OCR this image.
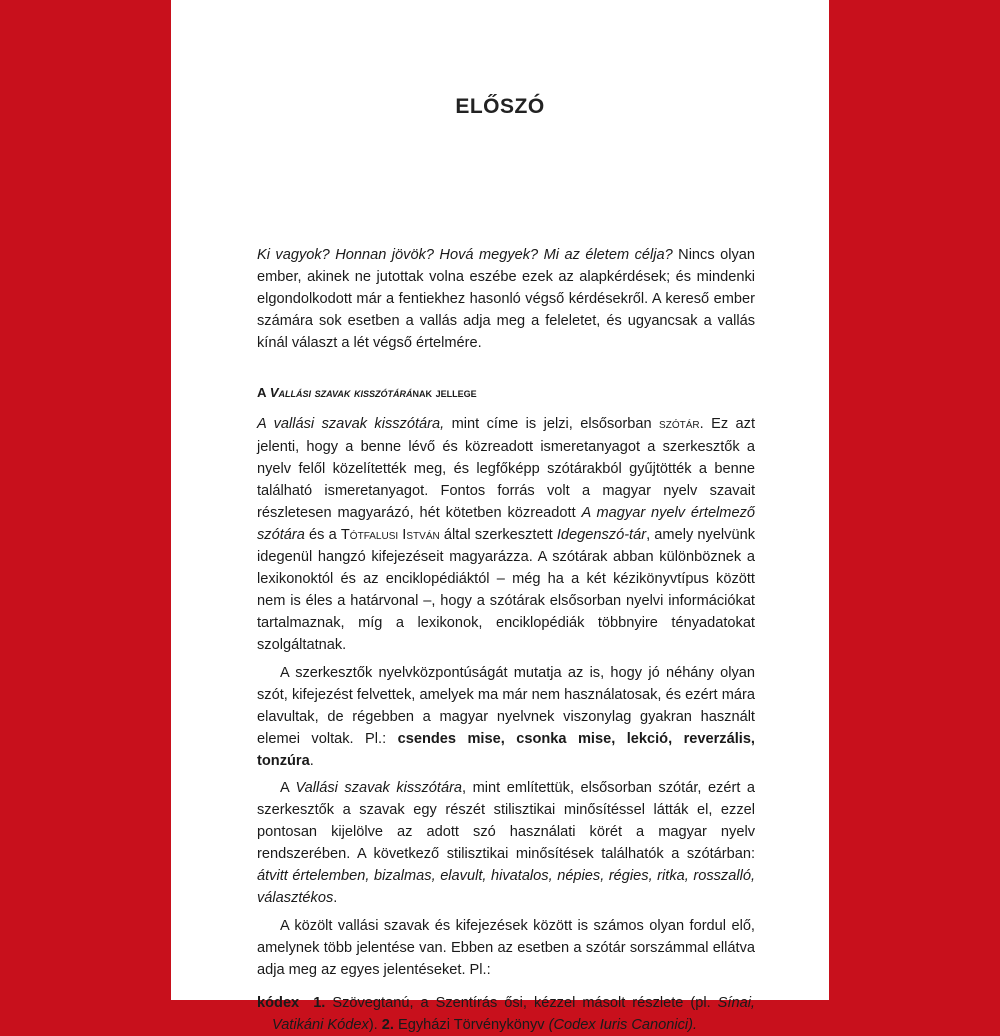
ELŐSZÓ

Ki vagyok? Honnan jövök? Hová megyek? Mi az életem célja? Nincs olyan ember, akinek ne jutottak volna eszébe ezek az alapkérdések; és mindenki elgondolkodott már a fentiekhez hasonló végső kérdésekről. A kereső ember számára sok esetben a vallás adja meg a feleletet, és ugyancsak a vallás kínál választ a lét végső értelmére.

A Vallási szavak kisszótárának jellege

A vallási szavak kisszótára, mint címe is jelzi, elsősorban szótár. Ez azt jelenti, hogy a benne lévő és közreadott ismeretanyagot a szerkesztők a nyelv felől közelítették meg, és legfőképp szótárakból gyűjtötték a benne található ismeretanyagot. Fontos forrás volt a magyar nyelv szavait részletesen magyarázó, hét kötetben közreadott A magyar nyelv értelmező szótára és a Tótfalusi István által szerkesztett Idegenszó-tár, amely nyelvünk idegenül hangzó kifejezéseit magyarázza. A szótárak abban különböznek a lexikonoktól és az enciklopédiáktól – még ha a két kézikönyvtípus között nem is éles a határvonal –, hogy a szótárak elsősorban nyelvi információkat tartalmaznak, míg a lexikonok, enciklopédiák többnyire tényadatokat szolgáltatnak.

A szerkesztők nyelvközpontúságát mutatja az is, hogy jó néhány olyan szót, kifejezést felvettek, amelyek ma már nem használatosak, és ezért mára elavultak, de régebben a magyar nyelvnek viszonylag gyakran használt elemei voltak. Pl.: csendes mise, csonka mise, lekció, reverzális, tonzúra.

A Vallási szavak kisszótára, mint említettük, elsősorban szótár, ezért a szerkesztők a szavak egy részét stilisztikai minősítéssel látták el, ezzel pontosan kijelölve az adott szó használati körét a magyar nyelv rendszerében. A következő stilisztikai minősítések találhatók a szótárban: átvitt értelemben, bizalmas, elavult, hivatalos, népies, régies, ritka, rosszalló, választékos.

A közölt vallási szavak és kifejezések között is számos olyan fordul elő, amelynek több jelentése van. Ebben az esetben a szótár sorszámmal ellátva adja meg az egyes jelentéseket. Pl.:

kódex 1. Szövegtanú, a Szentírás ősi, kézzel másolt részlete (pl. Sínai, Vatikáni Kódex). 2. Egyházi Törvénykönyv (Codex Iuris Canonici).
